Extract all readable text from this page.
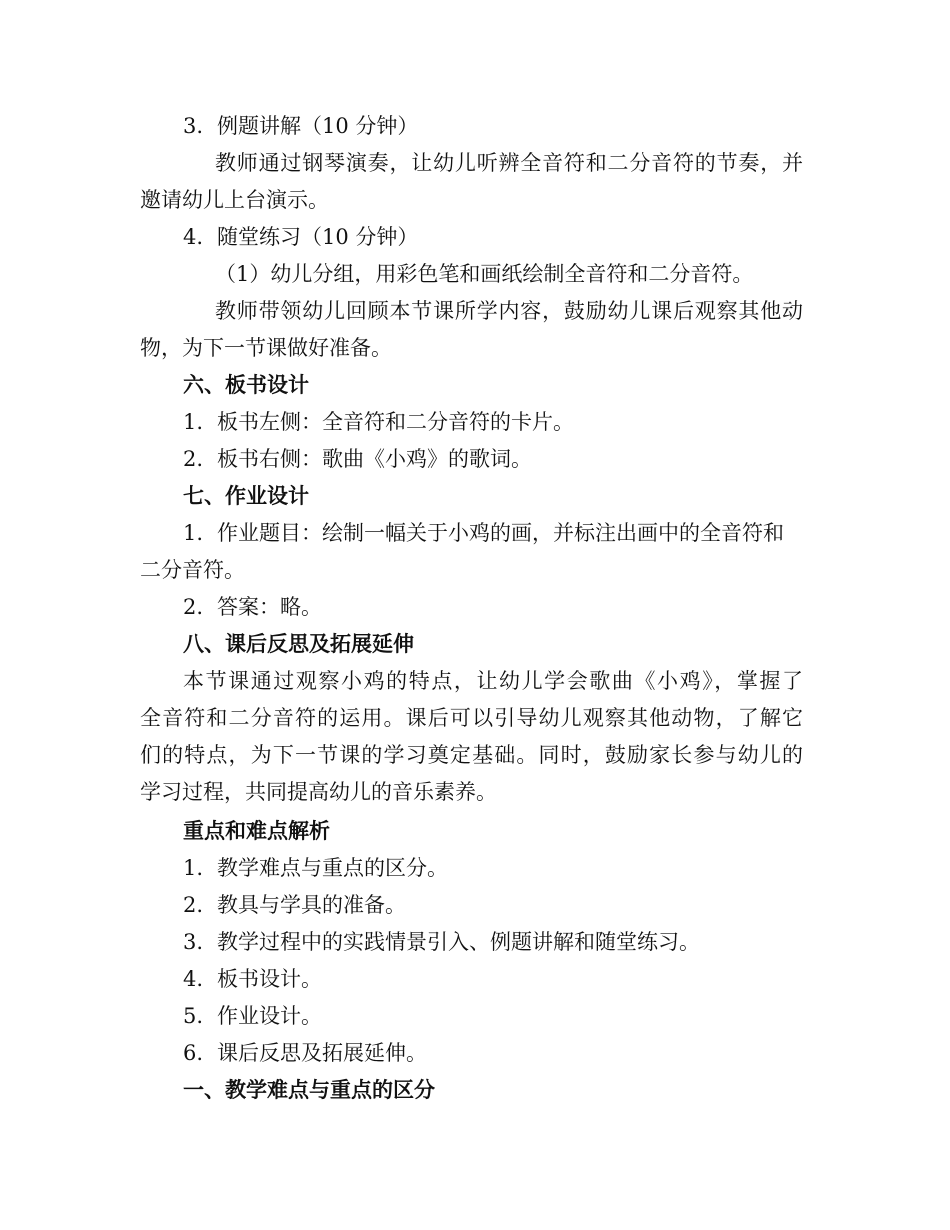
3. 例题讲解（10 分钟）
教师通过钢琴演奏，让幼儿听辨全音符和二分音符的节奏，并
邀请幼儿上台演示。
4. 随堂练习（10 分钟）
（1）幼儿分组，用彩色笔和画纸绘制全音符和二分音符。
教师带领幼儿回顾本节课所学内容，鼓励幼儿课后观察其他动
物，为下一节课做好准备。
六、板书设计
1. 板书左侧：全音符和二分音符的卡片。
2. 板书右侧：歌曲《小鸡》的歌词。
七、作业设计
1. 作业题目：绘制一幅关于小鸡的画，并标注出画中的全音符和
二分音符。
2. 答案：略。
八、课后反思及拓展延伸
本节课通过观察小鸡的特点，让幼儿学会歌曲《小鸡》，掌握了
全音符和二分音符的运用。课后可以引导幼儿观察其他动物，了解它
们的特点，为下一节课的学习奠定基础。同时，鼓励家长参与幼儿的
学习过程，共同提高幼儿的音乐素养。
重点和难点解析
1. 教学难点与重点的区分。
2. 教具与学具的准备。
3. 教学过程中的实践情景引入、例题讲解和随堂练习。
4. 板书设计。
5. 作业设计。
6. 课后反思及拓展延伸。
一、教学难点与重点的区分
